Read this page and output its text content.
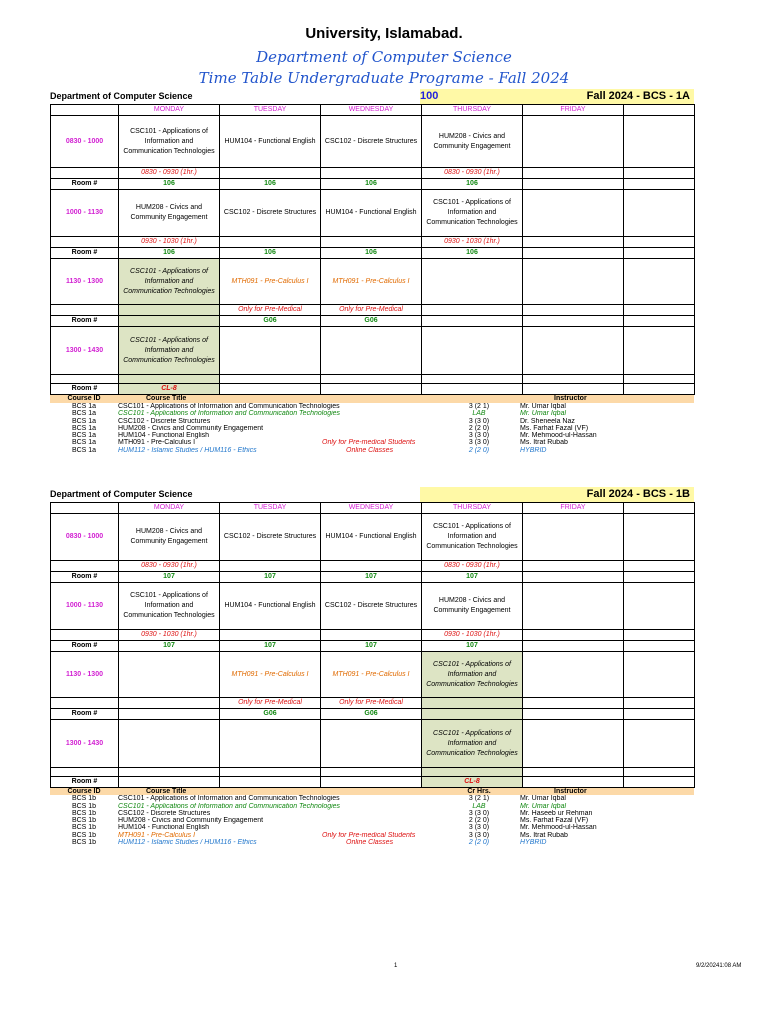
University, Islamabad.
Department of Computer Science
Time Table Undergraduate Programe - Fall 2024
Department of Computer Science	Fall 2024 - BCS - 1A
100
	MONDAY	TUESDAY	WEDNESDAY	THURSDAY	FRIDAY	
0830 - 1000	CSC101 - Applications of Information and Communication Technologies	HUM104 - Functional English	CSC102 - Discrete Structures	HUM208 - Civics and Community Engagement		
	0830 - 0930 (1hr.)			0830 - 0930 (1hr.)		
Room #	106	106	106	106		
1000 - 1130	HUM208 - Civics and Community Engagement	CSC102 - Discrete Structures	HUM104 - Functional English	CSC101 - Applications of Information and Communication Technologies		
	0930 - 1030 (1hr.)			0930 - 1030 (1hr.)		
Room #	106	106	106	106		
1130 - 1300	CSC101 - Applications of Information and Communication Technologies	MTH091 - Pre-Calculus I	MTH091 - Pre-Calculus I			
		Only for Pre-Medical	Only for Pre-Medical			
Room #		G06	G06			
1300 - 1430	CSC101 - Applications of Information and Communication Technologies					

Room #	CL-8					
Course ID	Course Title		Instructor
BCS 1a	CSC101 - Applications of Information and Communication Technologies	3 (2 1)	Mr. Umar Iqbal
BCS 1a	CSC101 - Applications of Information and Communication Technologies	LAB	Mr. Umar Iqbal
BCS 1a	CSC102 - Discrete Structures	3 (3 0)	Dr. Sheneela Naz
BCS 1a	HUM208 - Civics and Community Engagement	2 (2 0)	Ms. Farhat Fazal (VF)
BCS 1a	HUM104 - Functional English	3 (3 0)	Mr. Mehmood-ul-Hassan
BCS 1a	MTH091 - Pre-Calculus I Only for Pre-medical Students	3 (3 0)	Ms. Itrat Rubab
BCS 1a	HUM112 - Islamic Studies / HUM116 - Ethics Online Classes	2 (2 0)	HYBRID
Department of Computer Science	Fall 2024 - BCS - 1B
	MONDAY	TUESDAY	WEDNESDAY	THURSDAY	FRIDAY	
0830 - 1000	HUM208 - Civics and Community Engagement	CSC102 - Discrete Structures	HUM104 - Functional English	CSC101 - Applications of Information and Communication Technologies		
	0830 - 0930 (1hr.)			0830 - 0930 (1hr.)		
Room #	107	107	107	107		
1000 - 1130	CSC101 - Applications of Information and Communication Technologies	HUM104 - Functional English	CSC102 - Discrete Structures	HUM208 - Civics and Community Engagement		
	0930 - 1030 (1hr.)			0930 - 1030 (1hr.)		
Room #	107	107	107	107		
1130 - 1300		MTH091 - Pre-Calculus I	MTH091 - Pre-Calculus I	CSC101 - Applications of Information and Communication Technologies		
		Only for Pre-Medical	Only for Pre-Medical			
Room #		G06	G06			
1300 - 1430				CSC101 - Applications of Information and Communication Technologies		

Room #				CL-8		
Course ID	Course Title	Cr Hrs.	Instructor
BCS 1b	CSC101 - Applications of Information and Communication Technologies	3 (2 1)	Mr. Umar Iqbal
BCS 1b	CSC101 - Applications of Information and Communication Technologies	LAB	Mr. Umar Iqbal
BCS 1b	CSC102 - Discrete Structures	3 (3 0)	Mr. Haseeb ur Rehman
BCS 1b	HUM208 - Civics and Community Engagement	2 (2 0)	Ms. Farhat Fazal (VF)
BCS 1b	HUM104 - Functional English	3 (3 0)	Mr. Mehmood-ul-Hassan
BCS 1b	MTH091 - Pre-Calculus I Only for Pre-medical Students	3 (3 0)	Ms. Itrat Rubab
BCS 1b	HUM112 - Islamic Studies / HUM116 - Ethics Online Classes	2 (2 0)	HYBRID
1	9/2/20241:08 AM
